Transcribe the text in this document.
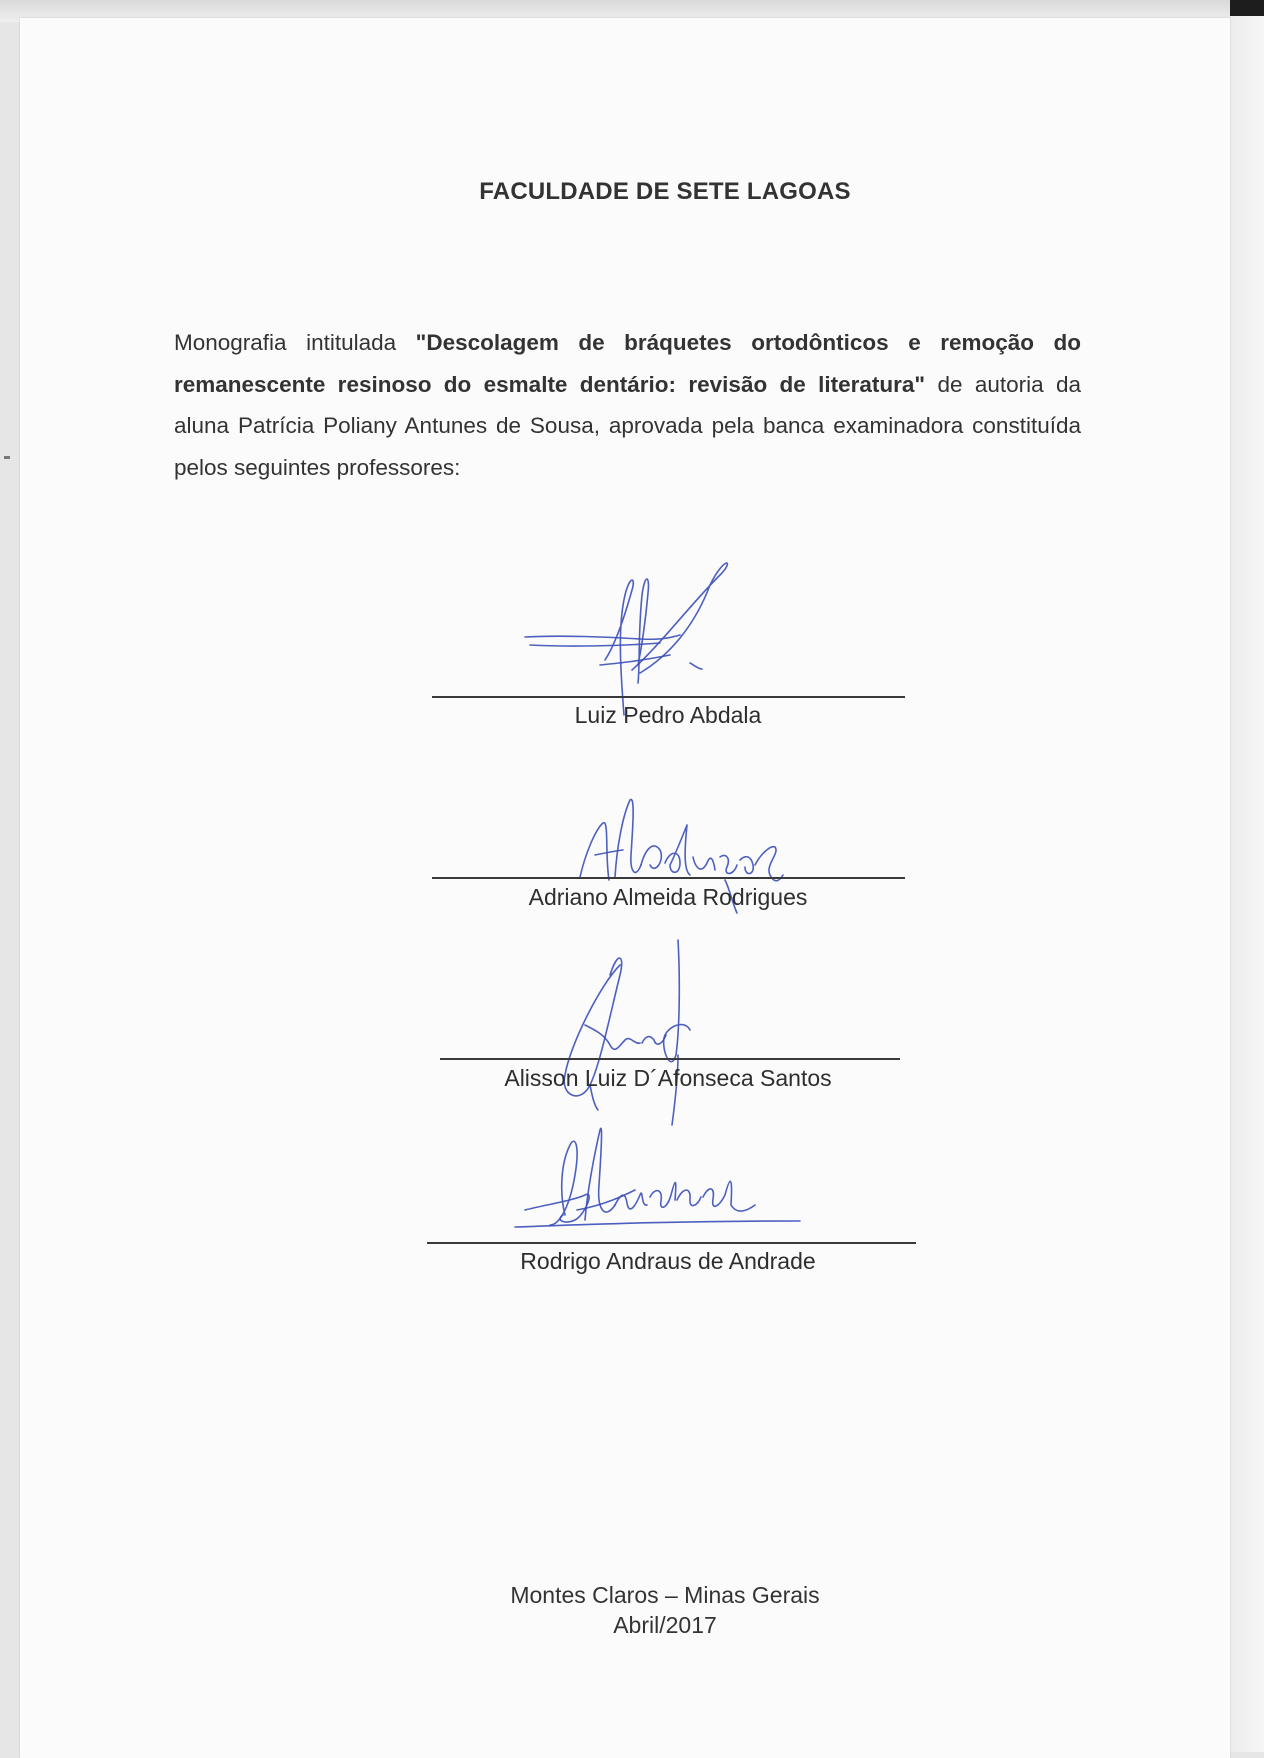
FACULDADE DE SETE LAGOAS
Monografia intitulada "Descolagem de bráquetes ortodônticos e remoção do remanescente resinoso do esmalte dentário: revisão de literatura" de autoria da aluna Patrícia Poliany Antunes de Sousa, aprovada pela banca examinadora constituída pelos seguintes professores:
Luiz Pedro Abdala
Adriano Almeida Rodrigues
Alisson Luiz D´Afonseca Santos
Rodrigo Andraus de Andrade
Montes Claros – Minas Gerais
Abril/2017
